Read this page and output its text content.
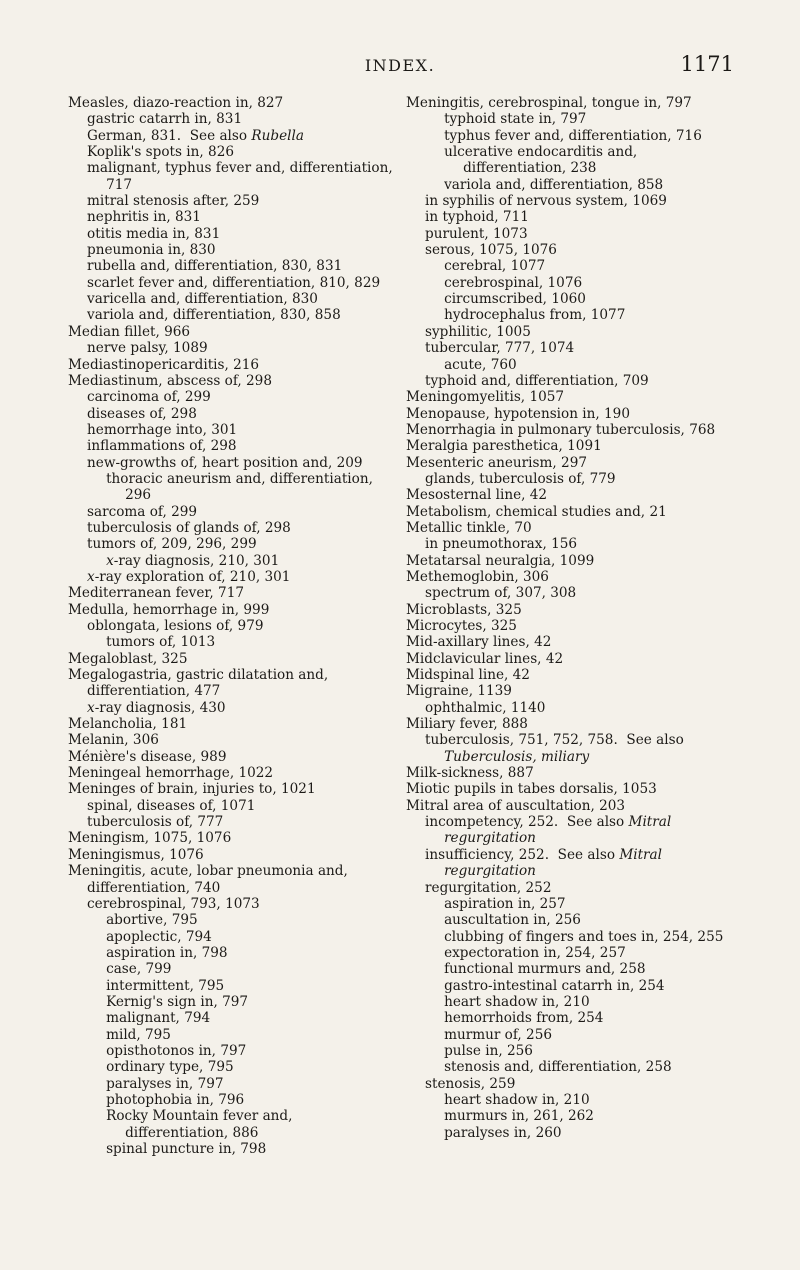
INDEX.	1171
Measles, diazo-reaction in, 827
gastric catarrh in, 831
German, 831.  See also Rubella
Koplik's spots in, 826
malignant, typhus fever and, differentiation, 717
mitral stenosis after, 259
nephritis in, 831
otitis media in, 831
pneumonia in, 830
rubella and, differentiation, 830, 831
scarlet fever and, differentiation, 810, 829
varicella and, differentiation, 830
variola and, differentiation, 830, 858
Median fillet, 966
nerve palsy, 1089
Mediastinopericarditis, 216
Mediastinum, abscess of, 298
carcinoma of, 299
diseases of, 298
hemorrhage into, 301
inflammations of, 298
new-growths of, heart position and, 209
thoracic aneurism and, differentiation, 296
sarcoma of, 299
tuberculosis of glands of, 298
tumors of, 209, 296, 299
x-ray diagnosis, 210, 301
x-ray exploration of, 210, 301
Mediterranean fever, 717
Medulla, hemorrhage in, 999
oblongata, lesions of, 979
tumors of, 1013
Megaloblast, 325
Megalogastria, gastric dilatation and, differentiation, 477
x-ray diagnosis, 430
Melancholia, 181
Melanin, 306
Ménière's disease, 989
Meningeal hemorrhage, 1022
Meninges of brain, injuries to, 1021
spinal, diseases of, 1071
tuberculosis of, 777
Meningism, 1075, 1076
Meningismus, 1076
Meningitis, acute, lobar pneumonia and, differentiation, 740
cerebrospinal, 793, 1073
abortive, 795
apoplectic, 794
aspiration in, 798
case, 799
intermittent, 795
Kernig's sign in, 797
malignant, 794
mild, 795
opisthotonos in, 797
ordinary type, 795
paralyses in, 797
photophobia in, 796
Rocky Mountain fever and, differentiation, 886
spinal puncture in, 798
Meningitis, cerebrospinal, tongue in, 797
typhoid state in, 797
typhus fever and, differentiation, 716
ulcerative endocarditis and, differentiation, 238
variola and, differentiation, 858
in syphilis of nervous system, 1069
in typhoid, 711
purulent, 1073
serous, 1075, 1076
cerebral, 1077
cerebrospinal, 1076
circumscribed, 1060
hydrocephalus from, 1077
syphilitic, 1005
tubercular, 777, 1074
acute, 760
typhoid and, differentiation, 709
Meningomyelitis, 1057
Menopause, hypotension in, 190
Menorrhagia in pulmonary tuberculosis, 768
Meralgia paresthetica, 1091
Mesenteric aneurism, 297
glands, tuberculosis of, 779
Mesosternal line, 42
Metabolism, chemical studies and, 21
Metallic tinkle, 70
in pneumothorax, 156
Metatarsal neuralgia, 1099
Methemoglobin, 306
spectrum of, 307, 308
Microblasts, 325
Microcytes, 325
Mid-axillary lines, 42
Midclavicular lines, 42
Midspinal line, 42
Migraine, 1139
ophthalmic, 1140
Miliary fever, 888
tuberculosis, 751, 752, 758.  See also Tuberculosis, miliary
Milk-sickness, 887
Miotic pupils in tabes dorsalis, 1053
Mitral area of auscultation, 203
incompetency, 252.  See also Mitral regurgitation
insufficiency, 252.  See also Mitral regurgitation
regurgitation, 252
aspiration in, 257
auscultation in, 256
clubbing of fingers and toes in, 254, 255
expectoration in, 254, 257
functional murmurs and, 258
gastro-intestinal catarrh in, 254
heart shadow in, 210
hemorrhoids from, 254
murmur of, 256
pulse in, 256
stenosis and, differentiation, 258
stenosis, 259
heart shadow in, 210
murmurs in, 261, 262
paralyses in, 260
